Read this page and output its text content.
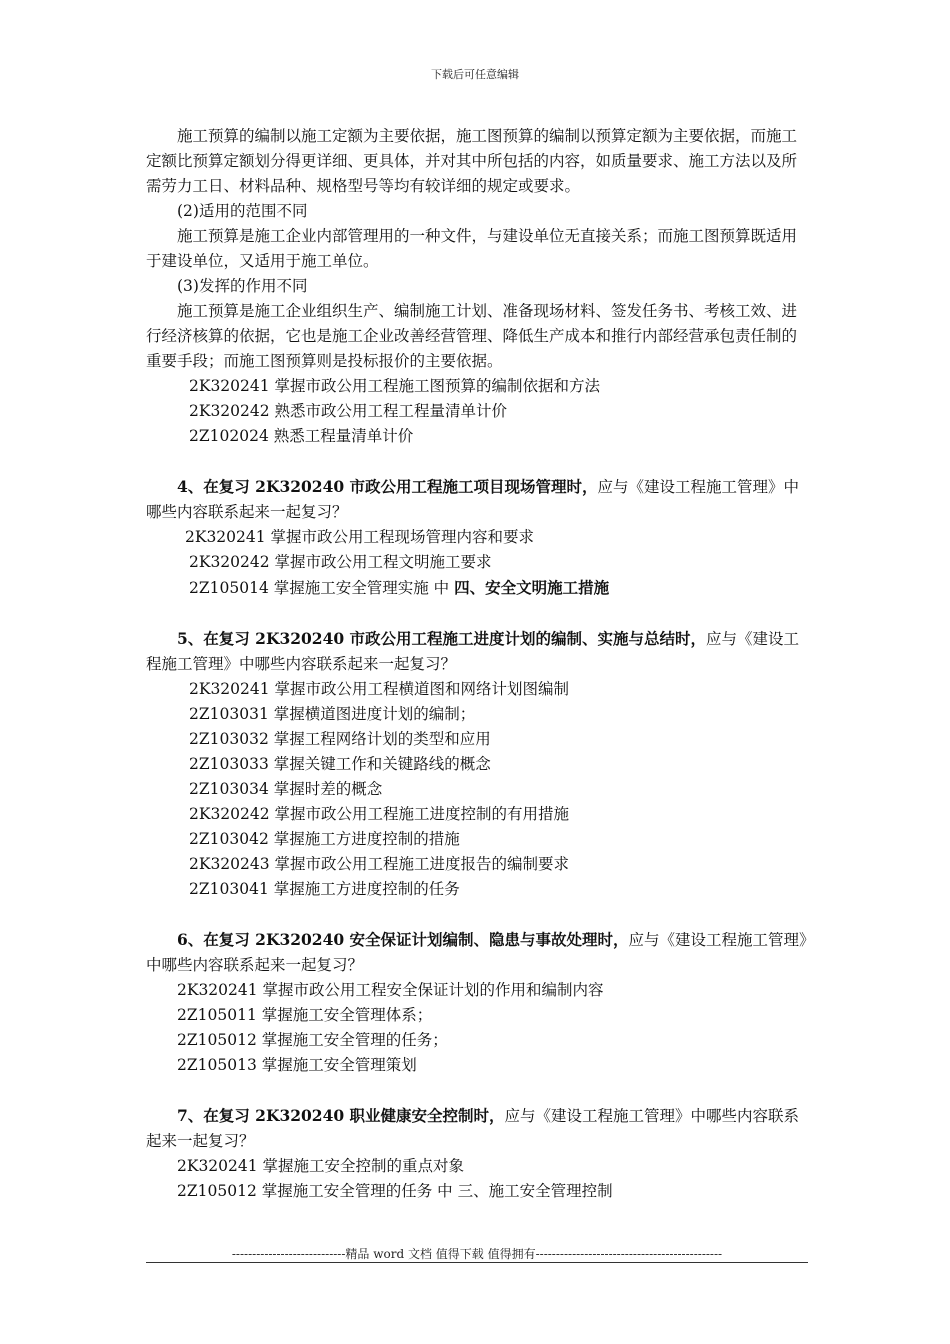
下载后可任意编辑

施工预算的编制以施工定额为主要依据，施工图预算的编制以预算定额为主要依据，而施工定额比预算定额划分得更详细、更具体，并对其中所包括的内容，如质量要求、施工方法以及所需劳力工日、材料品种、规格型号等均有较详细的规定或要求。

(2)适用的范围不同

施工预算是施工企业内部管理用的一种文件，与建设单位无直接关系；而施工图预算既适用于建设单位，又适用于施工单位。

(3)发挥的作用不同

施工预算是施工企业组织生产、编制施工计划、准备现场材料、签发任务书、考核工效、进行经济核算的依据，它也是施工企业改善经营管理、降低生产成本和推行内部经营承包责任制的重要手段；而施工图预算则是投标报价的主要依据。

2K320241 掌握市政公用工程施工图预算的编制依据和方法

2K320242 熟悉市政公用工程工程量清单计价

2Z102024 熟悉工程量清单计价

4、在复习 2K320240 市政公用工程施工项目现场管理时，应与《建设工程施工管理》中哪些内容联系起来一起复习？

2K320241 掌握市政公用工程现场管理内容和要求

2K320242 掌握市政公用工程文明施工要求

2Z105014 掌握施工安全管理实施 中 四、安全文明施工措施

5、在复习 2K320240 市政公用工程施工进度计划的编制、实施与总结时，应与《建设工程施工管理》中哪些内容联系起来一起复习？

2K320241 掌握市政公用工程横道图和网络计划图编制

2Z103031 掌握横道图进度计划的编制；

2Z103032 掌握工程网络计划的类型和应用

2Z103033 掌握关键工作和关键路线的概念

2Z103034 掌握时差的概念

2K320242 掌握市政公用工程施工进度控制的有用措施

2Z103042 掌握施工方进度控制的措施

2K320243 掌握市政公用工程施工进度报告的编制要求

2Z103041 掌握施工方进度控制的任务

6、在复习 2K320240 安全保证计划编制、隐患与事故处理时，应与《建设工程施工管理》中哪些内容联系起来一起复习？

2K320241 掌握市政公用工程安全保证计划的作用和编制内容

2Z105011 掌握施工安全管理体系；

2Z105012 掌握施工安全管理的任务；

2Z105013 掌握施工安全管理策划

7、在复习 2K320240 职业健康安全控制时，应与《建设工程施工管理》中哪些内容联系起来一起复习？

2K320241 掌握施工安全控制的重点对象

2Z105012 掌握施工安全管理的任务 中 三、施工安全管理控制

----------------------------精品 word 文档 值得下载 值得拥有----------------------------------------------
